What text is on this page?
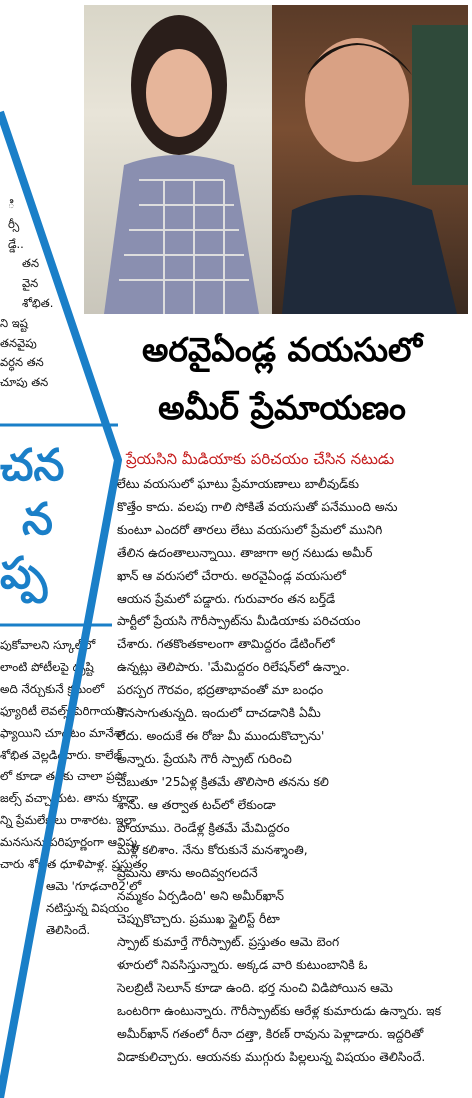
ి
ర్సీ
డ్డే..
తన
వైన
శోభిత.
ని ఇష్ట
తనవైపు
వర్ధన తన
చూపు తన
చన
న
ప్ప
పుకోవాలని స్కూల్‌లో
లాంటి పోటీలపై దృష్టి
అది నేర్చుకునే క్రమంలో
ఫ్యూరిటీ లెవల్స్ పెరిగాయని,
ఫ్యాయిని చూడటం మానేశా
శోభిత వెల్లడించారు. కాలేజ్
లో కూడా తనకు చాలా ప్రపో
జల్స్ వచ్చాయట. తాను కూడా
న్ని ప్రేమలేఖలు రాశారట. ఇలా
మనసును పరిపూర్ణంగా ఆవిష్క
చారు శోభిత ధూళిపాళ్ల. ప్రస్తుతం
ఆమె 'గూఢచారి2'లో
నటిస్తున్న విషయం
తెలిసిందే.
అరవైఏండ్ల వయసులో
అమీర్ ప్రేమాయణం
ప్రేయసిని మీడియాకు పరిచయం చేసిన నటుడు
లేటు వయసులో ఘాటు ప్రేమాయణాలు బాలీవుడ్‌కు
కొత్తేం కాదు. వలపు గాలి సోకితే వయసుతో పనేముంది అను
కుంటూ ఎందరో తారలు లేటు వయసులో ప్రేమలో మునిగి
తేలిన ఉదంతాలున్నాయి. తాజాగా అగ్ర నటుడు అమీర్
ఖాన్ ఆ వరుసలో చేరారు. అరవైఏండ్ల వయసులో
ఆయన ప్రేమలో పడ్డారు. గురువారం తన బర్త్‌డే
పార్టీలో ప్రేయసి గౌరీస్ప్రాట్‌ను మీడియాకు పరిచయం
చేశారు. గతకొంతకాలంగా తామిద్దరం డేటింగ్‌లో
ఉన్నట్లు తెలిపారు. 'మేమిద్దరం రిలేషన్‌లో ఉన్నాం.
పరస్పర గౌరవం, భద్రతాభావంతో మా బంధం
కొనసాగుతున్నది. ఇందులో దాచడానికి ఏమీ
లేదు. అందుకే ఈ రోజు మీ ముందుకొచ్చాను'
అన్నారు. ప్రేయసి గౌరీ స్ప్రాట్ గురించి
చెబుతూ '25ఏళ్ల క్రితమే తొలిసారి తనను కలి
శాను. ఆ తర్వాత టచ్‌లో లేకుండా
పోయాము. రెండేళ్ల క్రితమే మేమిద్దరం
మళ్లీ కలిశాం. నేను కోరుకునే మనశ్శాంతి,
ప్రేమను తాను అందివ్వగలదనే
నమ్మకం ఏర్పడింది' అని అమీర్‌ఖాన్
చెప్పుకొచ్చారు. ప్రముఖ స్టైలిస్ట్ రీటా
స్ప్రాట్ కుమార్తే గౌరీస్ప్రాట్. ప్రస్తుతం ఆమె బెంగ
ళూరులో నివసిస్తున్నారు. అక్కడ వారి కుటుంబానికి ఓ
సెలబ్రిటీ సెలూన్ కూడా ఉంది. భర్త నుంచి విడిపోయిన ఆమె
ఒంటరిగా ఉంటున్నారు. గౌరీస్ప్రాట్‌కు ఆరేళ్ల కుమారుడు ఉన్నారు. ఇక
అమీర్‌ఖాన్ గతంలో రీనా దత్తా, కిరణ్ రావును పెళ్లాడారు. ఇద్దరితో
విడాకులిచ్చారు. ఆయనకు ముగ్గురు పిల్లలున్న విషయం తెలిసిందే.
